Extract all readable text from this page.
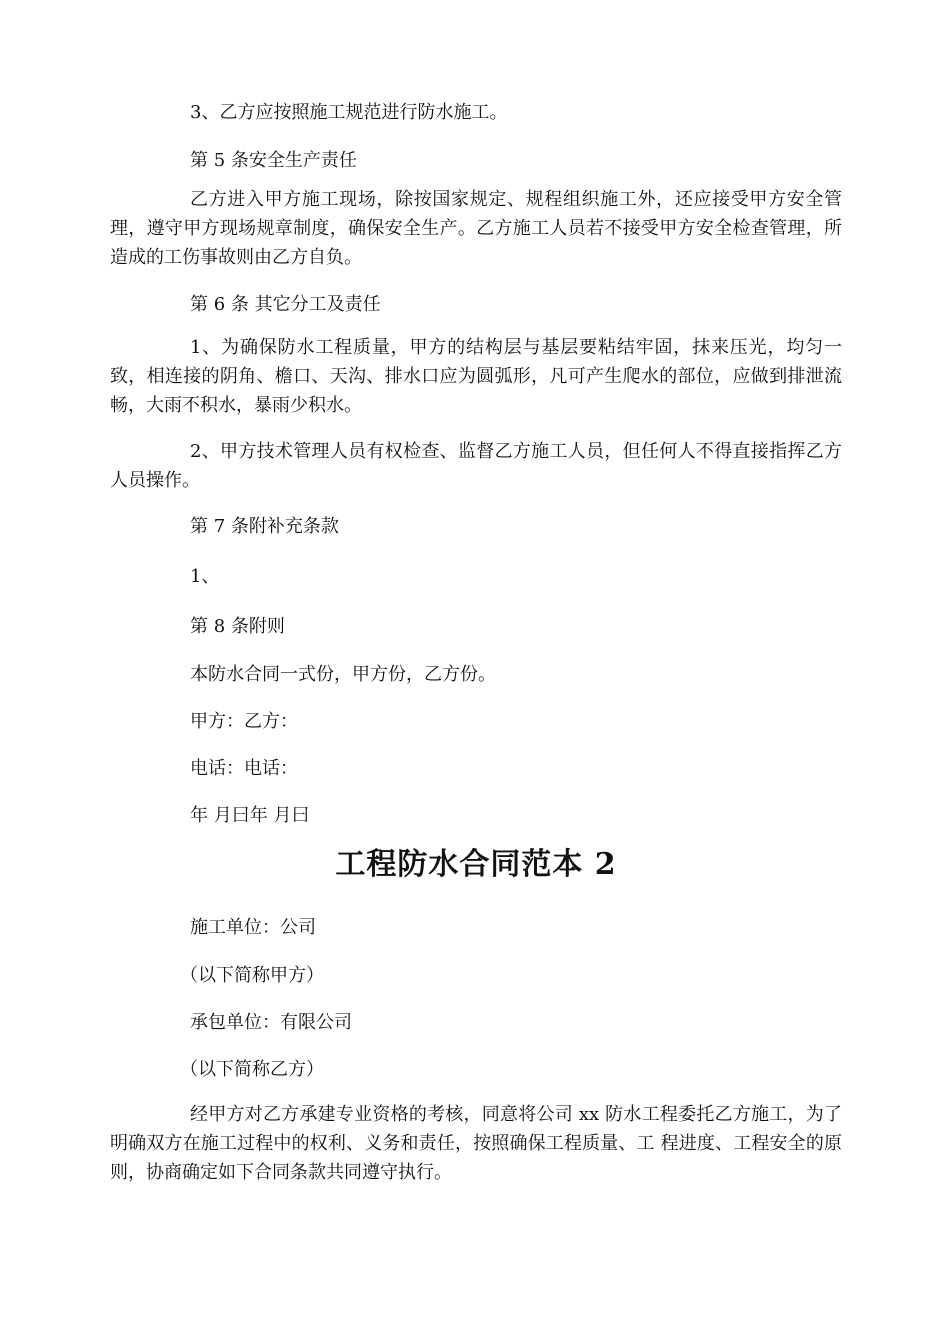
3、乙方应按照施工规范进行防水施工。

第 5 条安全生产责任

乙方进入甲方施工现场，除按国家规定、规程组织施工外，还应接受甲方安全管理，遵守甲方现场规章制度，确保安全生产。乙方施工人员若不接受甲方安全检查管理，所造成的工伤事故则由乙方自负。

第 6 条 其它分工及责任

1、为确保防水工程质量，甲方的结构层与基层要粘结牢固，抹来压光，均匀一致，相连接的阴角、檐口、天沟、排水口应为圆弧形，凡可产生爬水的部位，应做到排泄流畅，大雨不积水，暴雨少积水。

2、甲方技术管理人员有权检查、监督乙方施工人员，但任何人不得直接指挥乙方人员操作。

第 7 条附补充条款

1、

第 8 条附则

本防水合同一式份，甲方份，乙方份。

甲方：乙方：

电话：电话：

年 月曰年 月曰

工程防水合同范本 2

施工单位：公司

（以下简称甲方）

承包单位：有限公司

（以下简称乙方）

经甲方对乙方承建专业资格的考核，同意将公司 xx 防水工程委托乙方施工，为了明确双方在施工过程中的权利、义务和责任，按照确保工程质量、工 程进度、工程安全的原则，协商确定如下合同条款共同遵守执行。
